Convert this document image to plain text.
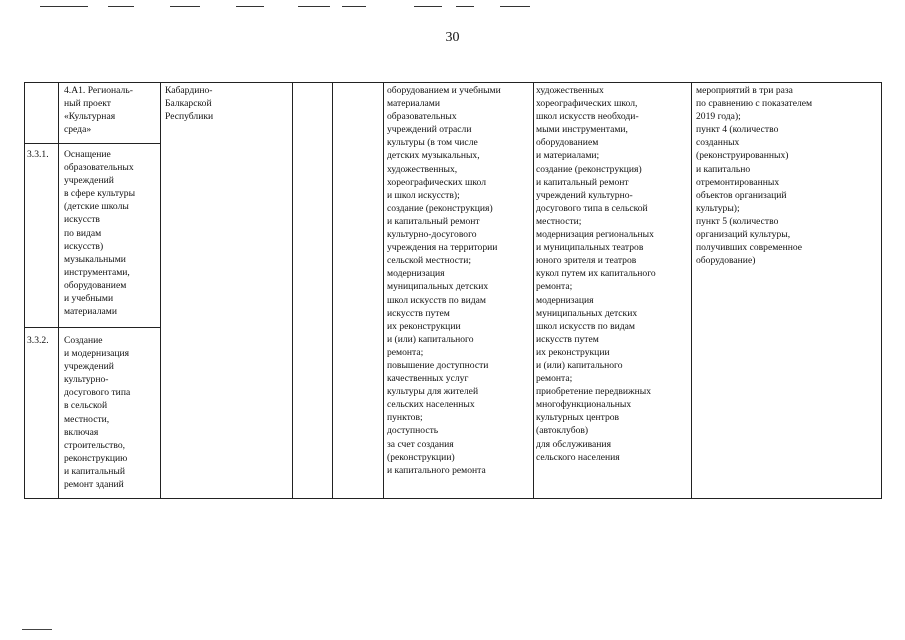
30
3.3.1.
3.3.2.
4.А1. Региональ-
ный проект
«Культурная
среда»
Оснащение
образовательных
учреждений
в сфере культуры
(детские школы
искусств
по видам
искусств)
музыкальными
инструментами,
оборудованием
и учебными
материалами
Создание
и модернизация
учреждений
культурно-
досугового типа
в сельской
местности,
включая
строительство,
реконструкцию
и капитальный
ремонт зданий
Кабардино-
Балкарской
Республики
оборудованием и учебными
материалами
образовательных
учреждений отрасли
культуры (в том числе
детских музыкальных,
художественных,
хореографических школ
и школ искусств);
создание (реконструкция)
и капитальный ремонт
культурно-досугового
учреждения на территории
сельской местности;
модернизация
муниципальных детских
школ искусств по видам
искусств путем
их реконструкции
и (или) капитального
ремонта;
повышение доступности
качественных услуг
культуры для жителей
сельских населенных
пунктов;
доступность
за счет создания
(реконструкции)
и капитального ремонта
художественных
хореографических школ,
школ искусств необходи-
мыми инструментами,
оборудованием
и материалами;
создание (реконструкция)
и капитальный ремонт
учреждений культурно-
досугового типа в сельской
местности;
модернизация региональных
и муниципальных театров
юного зрителя и театров
кукол путем их капитального
ремонта;
модернизация
муниципальных детских
школ искусств по видам
искусств путем
их реконструкции
и (или) капитального
ремонта;
приобретение передвижных
многофункциональных
культурных центров
(автоклубов)
для обслуживания
сельского населения
мероприятий в три раза
по сравнению с показателем
2019 года);
пункт 4 (количество
созданных
(реконструированных)
и капитально
отремонтированных
объектов организаций
культуры);
пункт 5 (количество
организаций культуры,
получивших современное
оборудование)
